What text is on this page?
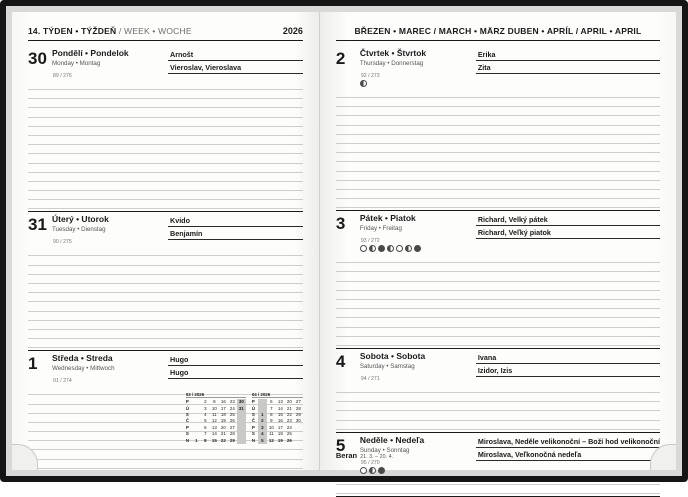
14. TÝDEN • TÝŽDEŇ / WEEK • WOCHE	2026
30 Pondělí • Pondelok
Monday • Montag
89 / 276
Arnošt
Vieroslav, Vieroslava
31 Úterý • Utorok
Tuesday • Dienstag
90 / 275
Kvido
Benjamín
1	Středa • Streda
Wednesday • Mittwoch
91 / 274
Hugo
Hugo
03 / 2026
P		2	9	16	23	30
Ú		3	10	17	24	31
S		4	11	18	25	
Č		5	12	19	26	
P		6	13	20	27	
S		7	14	21	28	
N	1	8	15	22	29	
04 / 2026
P		6	13	20	27
Ú		7	14	21	28
S	1	8	15	22	29
Č	2	9	16	23	30
P	3	10	17	24	
S	4	11	18	25	
N	5	12	19	26	
BŘEZEN • MAREC / MARCH • MÄRZ DUBEN • APRÍL / APRIL • APRIL
2	Čtvrtek • Štvrtok
Thursday • Donnerstag
92 / 273
Erika
Zita
3	Pátek • Piatok
Friday • Freitag
93 / 272
Richard, Velký pátek
Richard, Veľký piatok
4	Sobota • Sobota
Saturday • Samstag
94 / 271
Ivana
Izidor, Izis
5	Neděle • Nedeľa
Sunday • Sonntag
95 / 270
Miroslava, Neděle velikonoční – Boží hod velikonoční
Miroslava, Veľkonočná nedeľa
Beran 21. 3. – 20. 4.
